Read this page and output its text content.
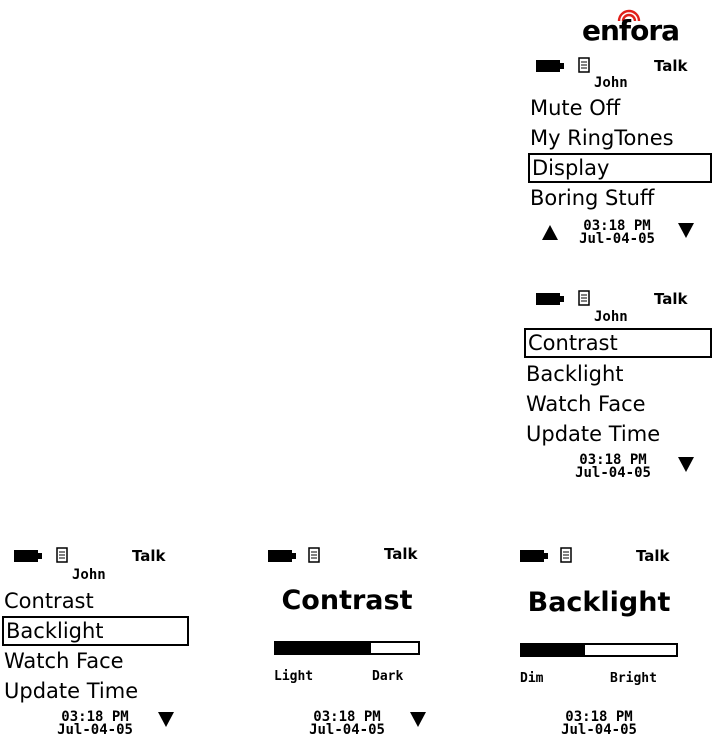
enfora
Talk
John
Mute Off
My RingTones
Display
Boring Stuff
03:18 PM
Jul-04-05
Talk
John
Contrast
Backlight
Watch Face
Update Time
03:18 PM
Jul-04-05
Talk
John
Contrast
Backlight
Watch Face
Update Time
03:18 PM
Jul-04-05
Talk
Contrast
Light	Dark
03:18 PM
Jul-04-05
Talk
Backlight
Dim	Bright
03:18 PM
Jul-04-05
